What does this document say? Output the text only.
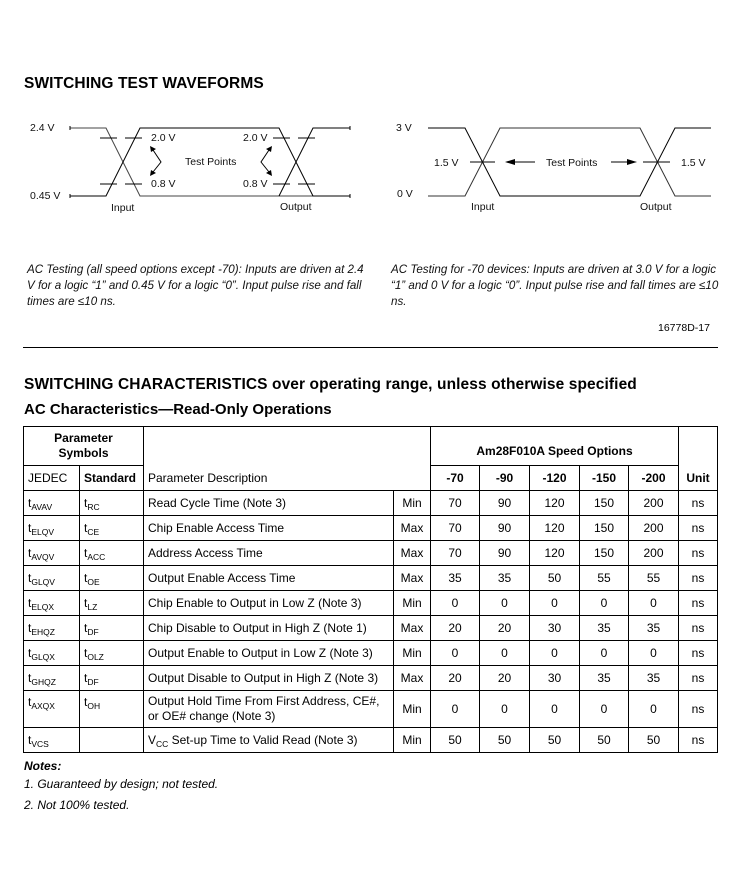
SWITCHING TEST WAVEFORMS
2.4 V
0.45 V
2.0 V	2.0 V
0.8 V	0.8 V
Test Points
Input	Output
3 V
0 V
1.5 V	1.5 V
Test Points
Input	Output
AC Testing (all speed options except -70): Inputs are driven at 2.4 V for a logic “1” and 0.45 V for a logic “0”. Input pulse rise and fall times are ≤10 ns.
AC Testing for -70 devices: Inputs are driven at 3.0 V for a logic “1” and 0 V for a logic “0”. Input pulse rise and fall times are ≤10 ns.
16778D-17
SWITCHING CHARACTERISTICS over operating range, unless otherwise specified
AC Characteristics—Read-Only Operations
Parameter Symbols		Parameter Description		Am28F010A Speed Options					Unit
JEDEC	Standard			-70	-90	-120	-150	-200	
$t_{AVAV}$	$t_{RC}$	Read Cycle Time (Note 3)	Min	70	90	120	150	200	ns
$t_{ELQV}$	$t_{CE}$	Chip Enable Access Time	Max	70	90	120	150	200	ns
$t_{AVQV}$	$t_{ACC}$	Address Access Time	Max	70	90	120	150	200	ns
$t_{GLQV}$	$t_{OE}$	Output Enable Access Time	Max	35	35	50	55	55	ns
$t_{ELQX}$	$t_{LZ}$	Chip Enable to Output in Low Z (Note 3)	Min	0	0	0	0	0	ns
$t_{EHQZ}$	$t_{DF}$	Chip Disable to Output in High Z (Note 1)	Max	20	20	30	35	35	ns
$t_{GLQX}$	$t_{OLZ}$	Output Enable to Output in Low Z (Note 3)	Min	0	0	0	0	0	ns
$t_{GHQZ}$	$t_{DF}$	Output Disable to Output in High Z (Note 3)	Max	20	20	30	35	35	ns
$t_{AXQX}$	$t_{OH}$	Output Hold Time From First Address, CE#, or OE# change (Note 3)	Min	0	0	0	0	0	ns
$t_{VCS}$		$V_{CC}$ Set-up Time to Valid Read (Note 3)	Min	50	50	50	50	50	ns
Notes:
1. Guaranteed by design; not tested.
2. Not 100% tested.
